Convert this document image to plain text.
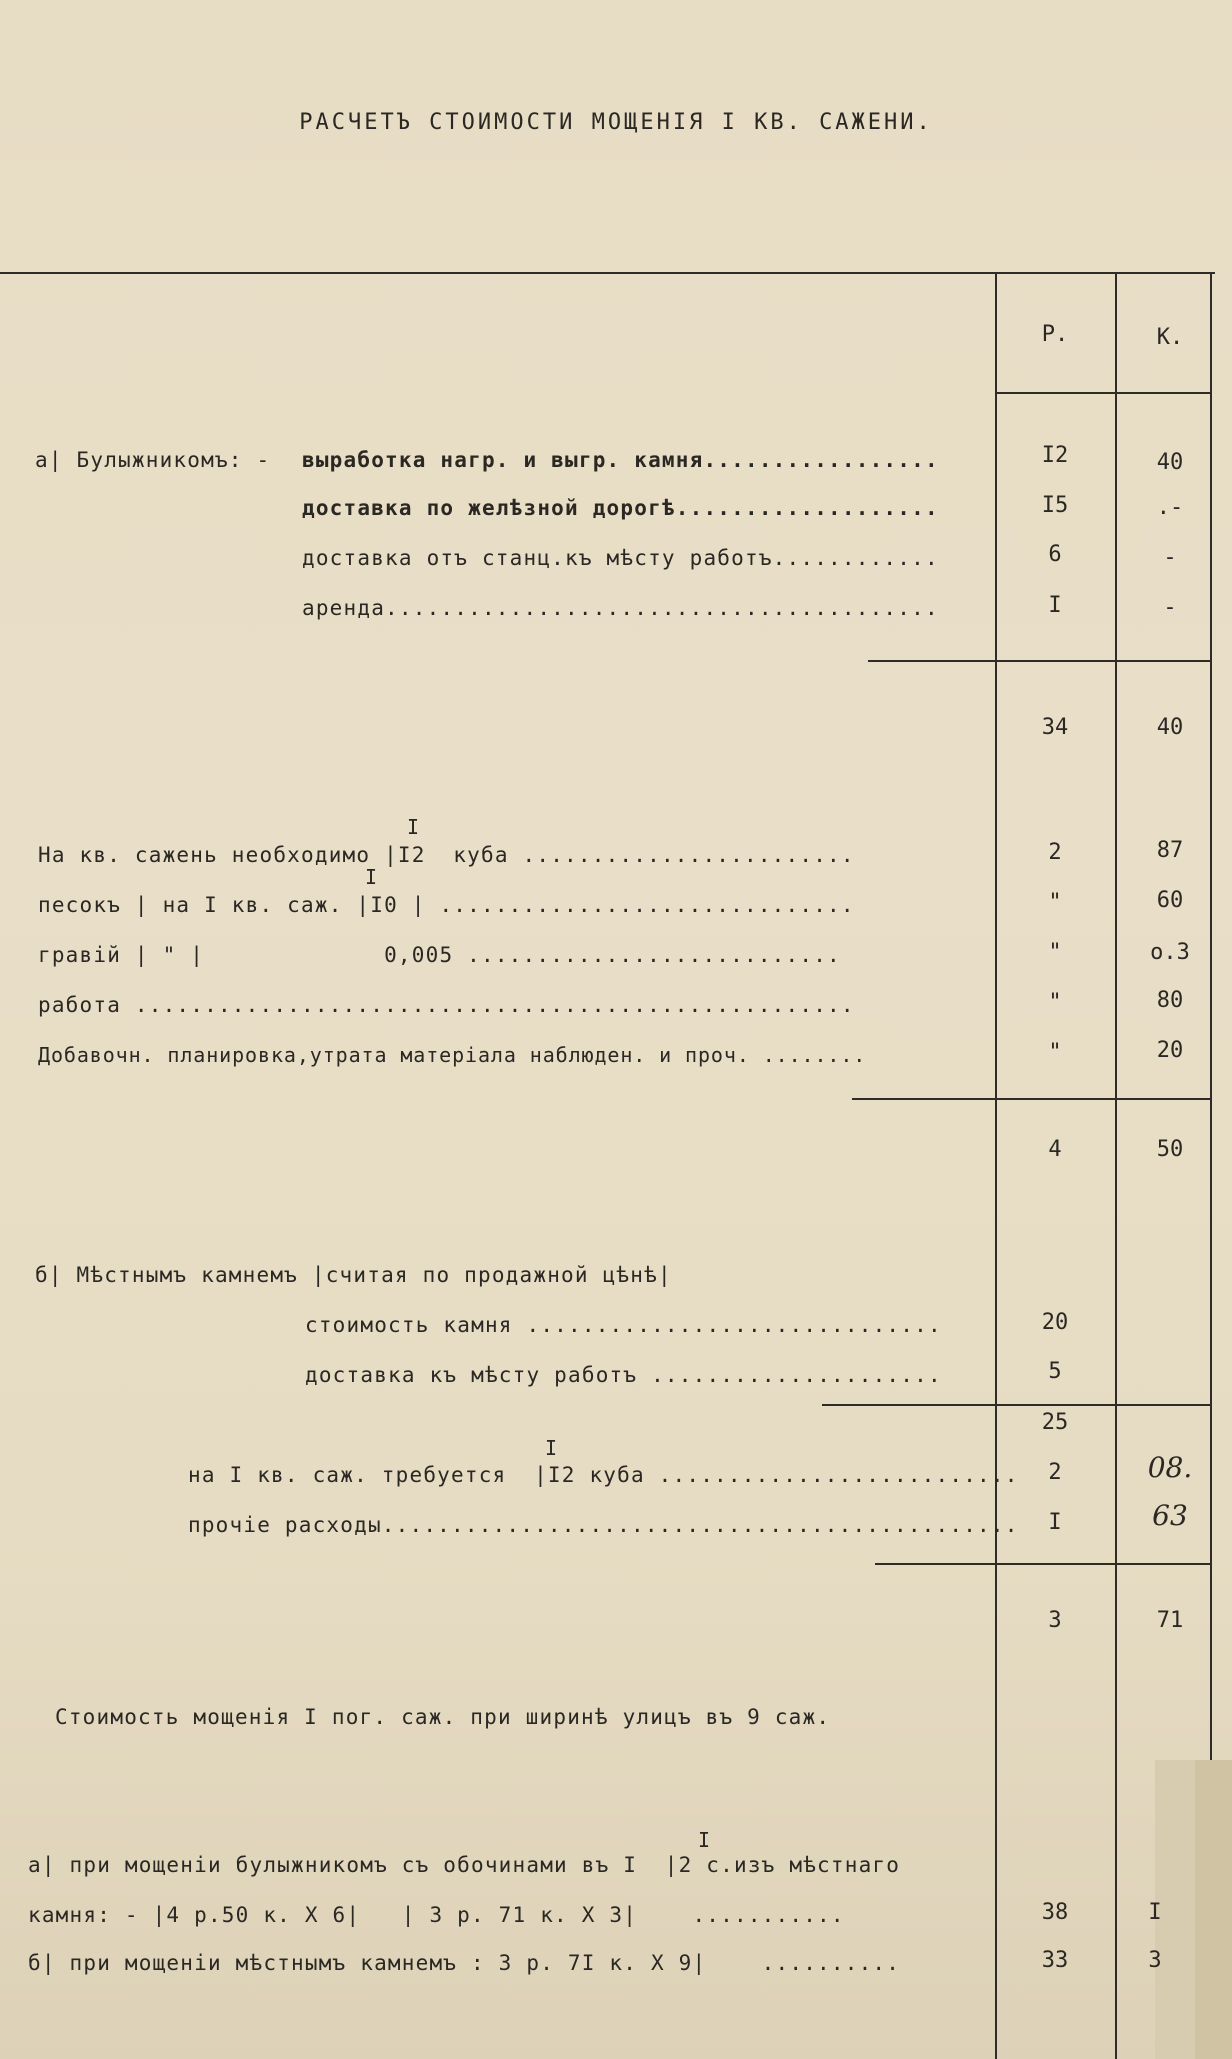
РАСЧЕТЪ СТОИМОСТИ МОЩЕНIЯ I КВ. САЖЕНИ.
Р.	К.
а| Булыжникомъ: - выработка нагр. и выгр. камня.................	I2	40
доставка по желѣзной дорогѣ...................	I5	.-
доставка отъ станц.къ мѣсту работъ............	6	-
аренда........................................	I	-
34	40
I
I
На кв. сажень необходимо |I2  куба ........................	2	87
песокъ | на I кв. саж. |I0 | ..............................	"	60
гравiй | " |             0,005 ...........................	"	о.3
работа ....................................................	"	80
Добавочн. планировка,утрата матерiала наблюден. и проч. ........	"	20
4	50
б| Мѣстнымъ камнемъ |считая по продажной цѣнѣ|
стоимость камня ..............................	20
доставка къ мѣсту работъ .....................	5
25
I
на I кв. саж. требуется  |I2 куба ..........................	2	08.
прочiе расходы..............................................	I	63
3	71
Стоимость мощенiя I пог. саж. при ширинѣ улицъ въ 9 саж.
I
а| при мощенiи булыжникомъ съ обочинами въ I  |2 с.изъ мѣстнаго
камня: - |4 р.50 к. X 6|   | 3 р. 71 к. X 3|    ...........	38	I
б| при мощенiи мѣстнымъ камнемъ : 3 р. 7I к. X 9|    ..........	33	3
